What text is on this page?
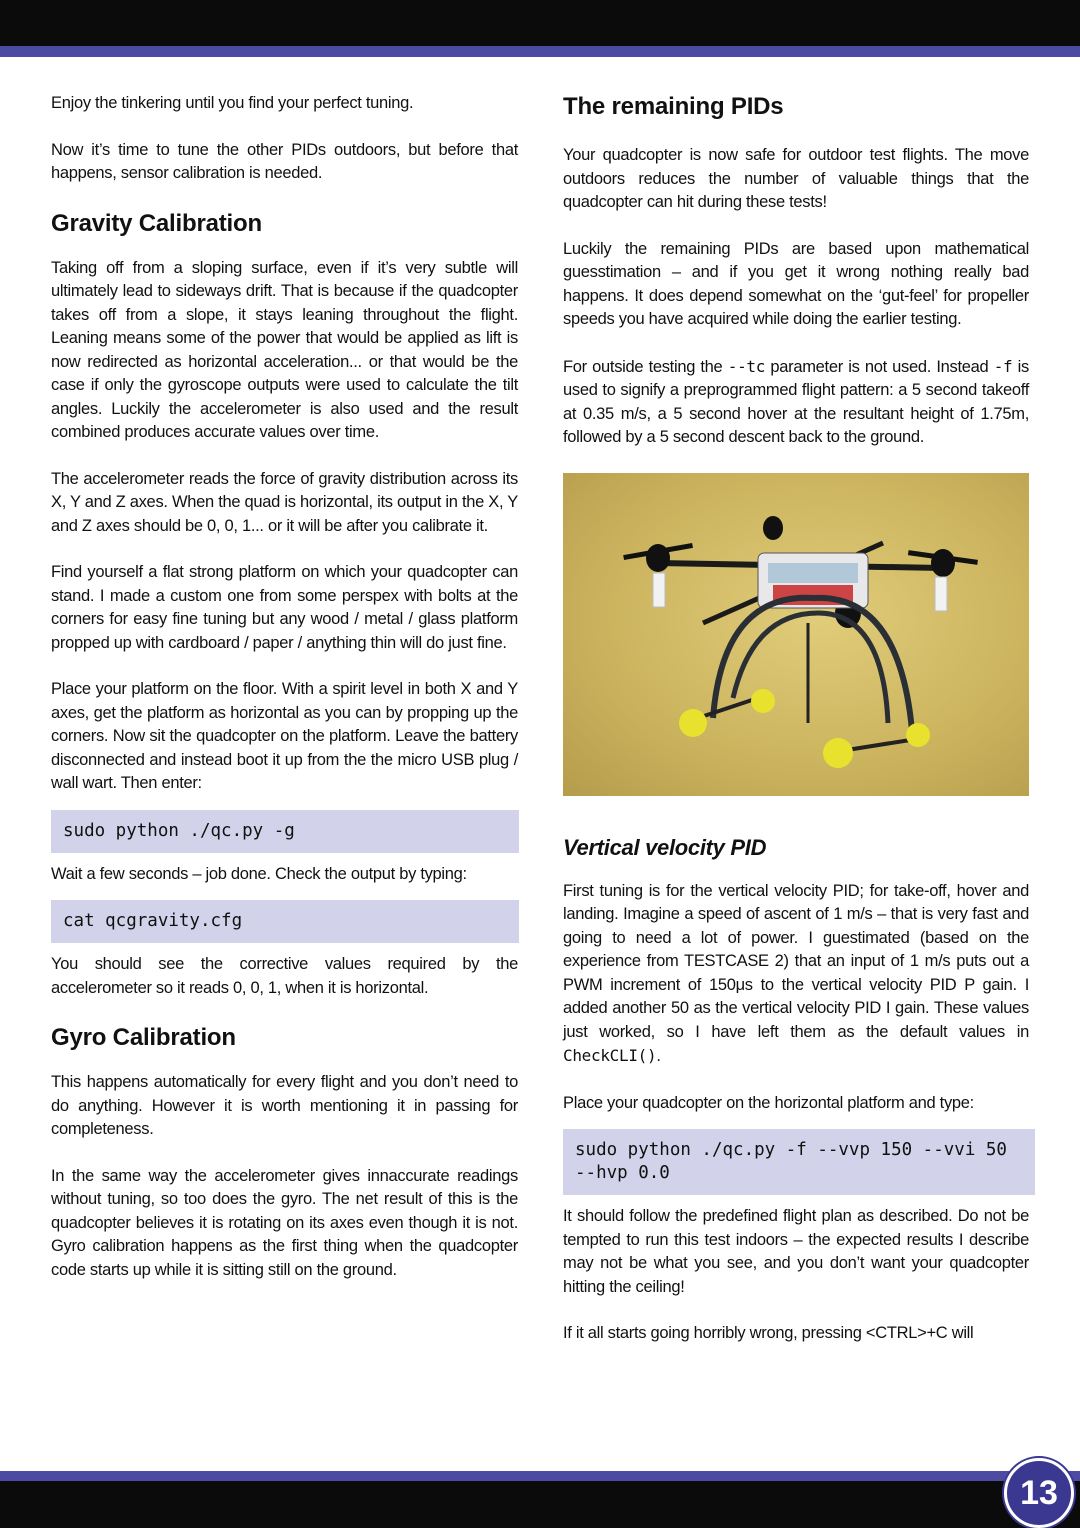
Enjoy the tinkering until you find your perfect tuning.

Now it’s time to tune the other PIDs outdoors, but before that happens, sensor calibration is needed.

Gravity Calibration

Taking off from a sloping surface, even if it’s very subtle will ultimately lead to sideways drift. That is because if the quadcopter takes off from a slope, it stays leaning throughout the flight. Leaning means some of the power that would be applied as lift is now redirected as horizontal acceleration... or that would be the case if only the gyroscope outputs were used to calculate the tilt angles. Luckily the accelerometer is also used and the result combined produces accurate values over time.

The accelerometer reads the force of gravity distribution across its X, Y and Z axes. When the quad is horizontal, its output in the X, Y and Z axes should be 0, 0, 1... or it will be after you calibrate it.

Find yourself a flat strong platform on which your quadcopter can stand. I made a custom one from some perspex with bolts at the corners for easy fine tuning but any wood / metal / glass platform propped up with cardboard / paper / anything thin will do just fine.

Place your platform on the floor. With a spirit level in both X and Y axes, get the platform as horizontal as you can by propping up the corners. Now sit the quadcopter on the platform. Leave the battery disconnected and instead boot it up from the the micro USB plug / wall wart. Then enter:

sudo python ./qc.py -g

Wait a few seconds – job done. Check the output by typing:

cat qcgravity.cfg

You should see the corrective values required by the accelerometer so it reads 0, 0, 1, when it is horizontal.

Gyro Calibration

This happens automatically for every flight and you don’t need to do anything. However it is worth mentioning it in passing for completeness.

In the same way the accelerometer gives innaccurate readings without tuning, so too does the gyro. The net result of this is the quadcopter believes it is rotating on its axes even though it is not. Gyro calibration happens as the first thing when the quadcopter code starts up while it is sitting still on the ground.

The remaining PIDs

Your quadcopter is now safe for outdoor test flights. The move outdoors reduces the number of valuable things that the quadcopter can hit during these tests!

Luckily the remaining PIDs are based upon mathematical guesstimation – and if you get it wrong nothing really bad happens. It does depend somewhat on the ‘gut-feel’ for propeller speeds you have acquired while doing the earlier testing.

For outside testing the --tc parameter is not used. Instead -f is used to signify a preprogrammed flight pattern: a 5 second takeoff at 0.35 m/s, a 5 second hover at the resultant height of 1.75m, followed by a 5 second descent back to the ground.

Vertical velocity PID

First tuning is for the vertical velocity PID; for take-off, hover and landing. Imagine a speed of ascent of 1 m/s – that is very fast and going to need a lot of power. I guestimated (based on the experience from TESTCASE 2) that an input of 1 m/s puts out a PWM increment of 150μs to the vertical velocity PID P gain. I added another 50 as the vertical velocity PID I gain. These values just worked, so I have left them as the default values in CheckCLI().

Place your quadcopter on the horizontal platform and type:

sudo python ./qc.py -f --vvp 150 --vvi 50
--hvp 0.0

It should follow the predefined flight plan as described. Do not be tempted to run this test indoors – the expected results I describe may not be what you see, and you don’t want your quadcopter hitting the ceiling!

If it all starts going horribly wrong, pressing <CTRL>+C will

13
